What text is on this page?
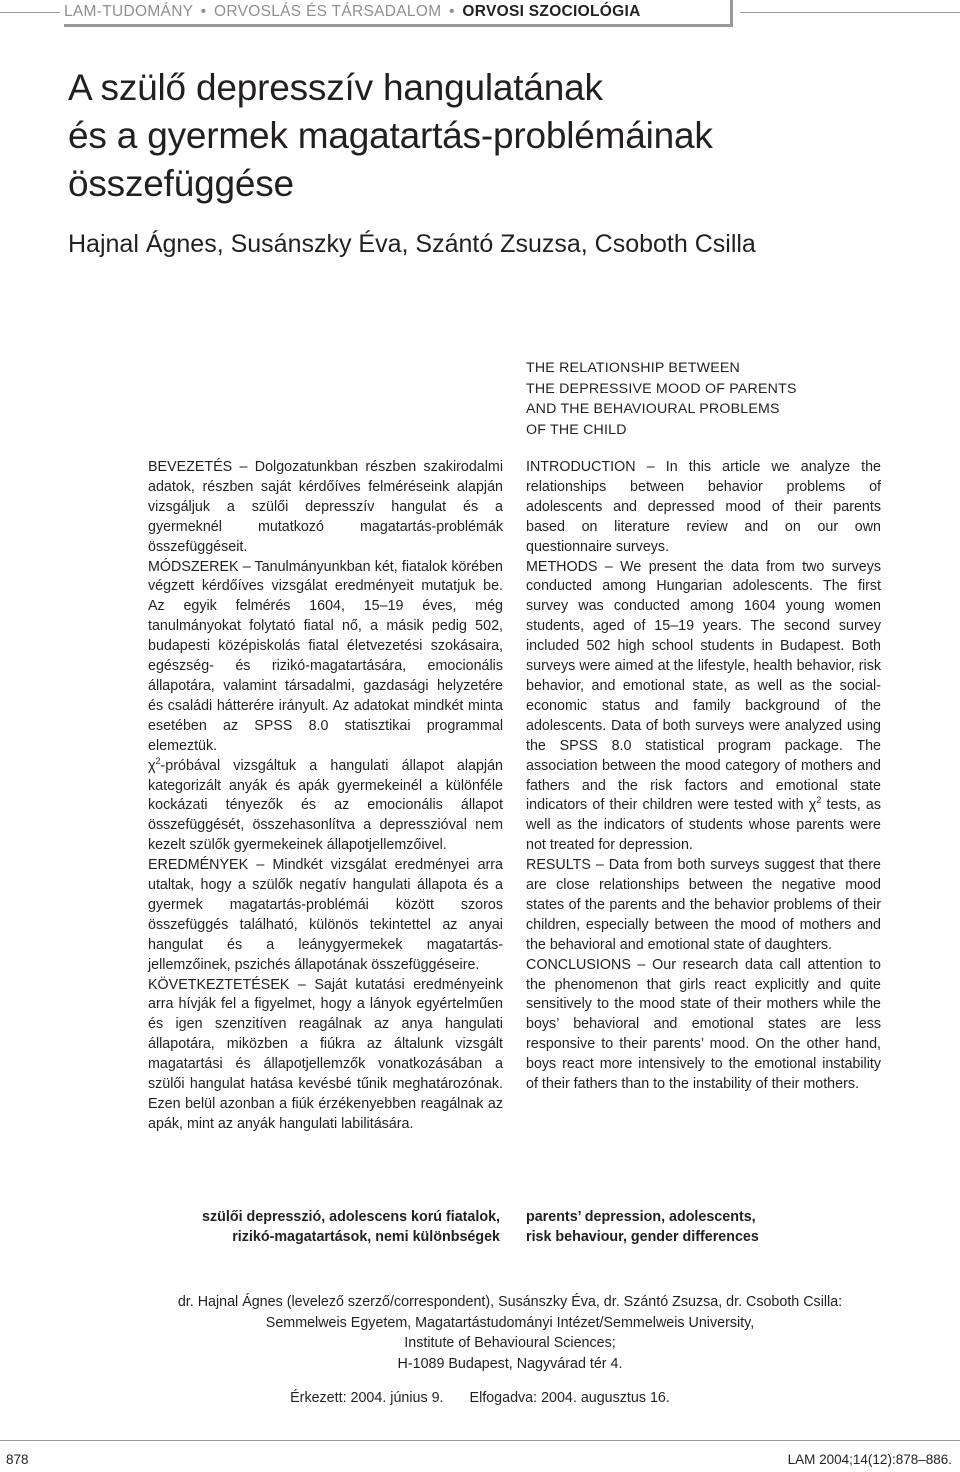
LAM-TUDOMÁNY • ORVOSLÁS ÉS TÁRSADALOM • ORVOSI SZOCIOLÓGIA
A szülő depresszív hangulatának
és a gyermek magatartás-problémáinak
összefüggése
Hajnal Ágnes, Susánszky Éva, Szántó Zsuzsa, Csoboth Csilla
THE RELATIONSHIP BETWEEN
THE DEPRESSIVE MOOD OF PARENTS
AND THE BEHAVIOURAL PROBLEMS
OF THE CHILD

BEVEZETÉS – Dolgozatunkban részben szakirodalmi adatok, részben saját kérdőíves felméréseink alapján vizsgáljuk a szülői depresszív hangulat és a gyermeknél mutatkozó magatartás-problémák összefüggéseit.

MÓDSZEREK – Tanulmányunkban két, fiatalok körében végzett kérdőíves vizsgálat eredményeit mutatjuk be. Az egyik felmérés 1604, 15–19 éves, még tanulmányokat folytató fiatal nő, a másik pedig 502, budapesti középiskolás fiatal életvezetési szokásaira, egészség- és rizikó-magatartására, emocionális állapotára, valamint társadalmi, gazdasági helyzetére és családi hátterére irányult. Az adatokat mindkét minta esetében az SPSS 8.0 statisztikai programmal elemeztük.

$\chi^2$-próbával vizsgáltuk a hangulati állapot alapján kategorizált anyák és apák gyermekeinél a különféle kockázati tényezők és az emocionális állapot összefüggését, összehasonlítva a depresszióval nem kezelt szülők gyermekeinek állapotjellemzőivel.

EREDMÉNYEK – Mindkét vizsgálat eredményei arra utaltak, hogy a szülők negatív hangulati állapota és a gyermek magatartás-problémái között szoros összefüggés található, különös tekintettel az anyai hangulat és a leánygyermekek magatartás-jellemzőinek, pszichés állapotának összefüggéseire.

KÖVETKEZTETÉSEK – Saját kutatási eredményeink arra hívják fel a figyelmet, hogy a lányok egyértelműen és igen szenzitíven reagálnak az anya hangulati állapotára, miközben a fiúkra az általunk vizsgált magatartási és állapotjellemzők vonatkozásában a szülői hangulat hatása kevésbé tűnik meghatározónak. Ezen belül azonban a fiúk érzékenyebben reagálnak az apák, mint az anyák hangulati labilitására.

INTRODUCTION – In this article we analyze the relationships between behavior problems of adolescents and depressed mood of their parents based on literature review and on our own questionnaire surveys.

METHODS – We present the data from two surveys conducted among Hungarian adolescents. The first survey was conducted among 1604 young women students, aged of 15–19 years. The second survey included 502 high school students in Budapest. Both surveys were aimed at the lifestyle, health behavior, risk behavior, and emotional state, as well as the social-economic status and family background of the adolescents. Data of both surveys were analyzed using the SPSS 8.0 statistical program package. The association between the mood category of mothers and fathers and the risk factors and emotional state indicators of their children were tested with $\chi^2$ tests, as well as the indicators of students whose parents were not treated for depression.

RESULTS – Data from both surveys suggest that there are close relationships between the negative mood states of the parents and the behavior problems of their children, especially between the mood of mothers and the behavioral and emotional state of daughters.

CONCLUSIONS – Our research data call attention to the phenomenon that girls react explicitly and quite sensitively to the mood state of their mothers while the boys’ behavioral and emotional states are less responsive to their parents’ mood. On the other hand, boys react more intensively to the emotional instability of their fathers than to the instability of their mothers.

szülői depresszió, adolescens korú fiatalok,
rizikó-magatartások, nemi különbségek
parents’ depression, adolescents,
risk behaviour, gender differences
dr. Hajnal Ágnes (levelező szerző/correspondent), Susánszky Éva, dr. Szántó Zsuzsa, dr. Csoboth Csilla:
Semmelweis Egyetem, Magatartástudományi Intézet/Semmelweis University,
Institute of Behavioural Sciences;
H-1089 Budapest, Nagyvárad tér 4.
Érkezett: 2004. június 9. Elfogadva: 2004. augusztus 16.
878	LAM 2004;14(12):878–886.
